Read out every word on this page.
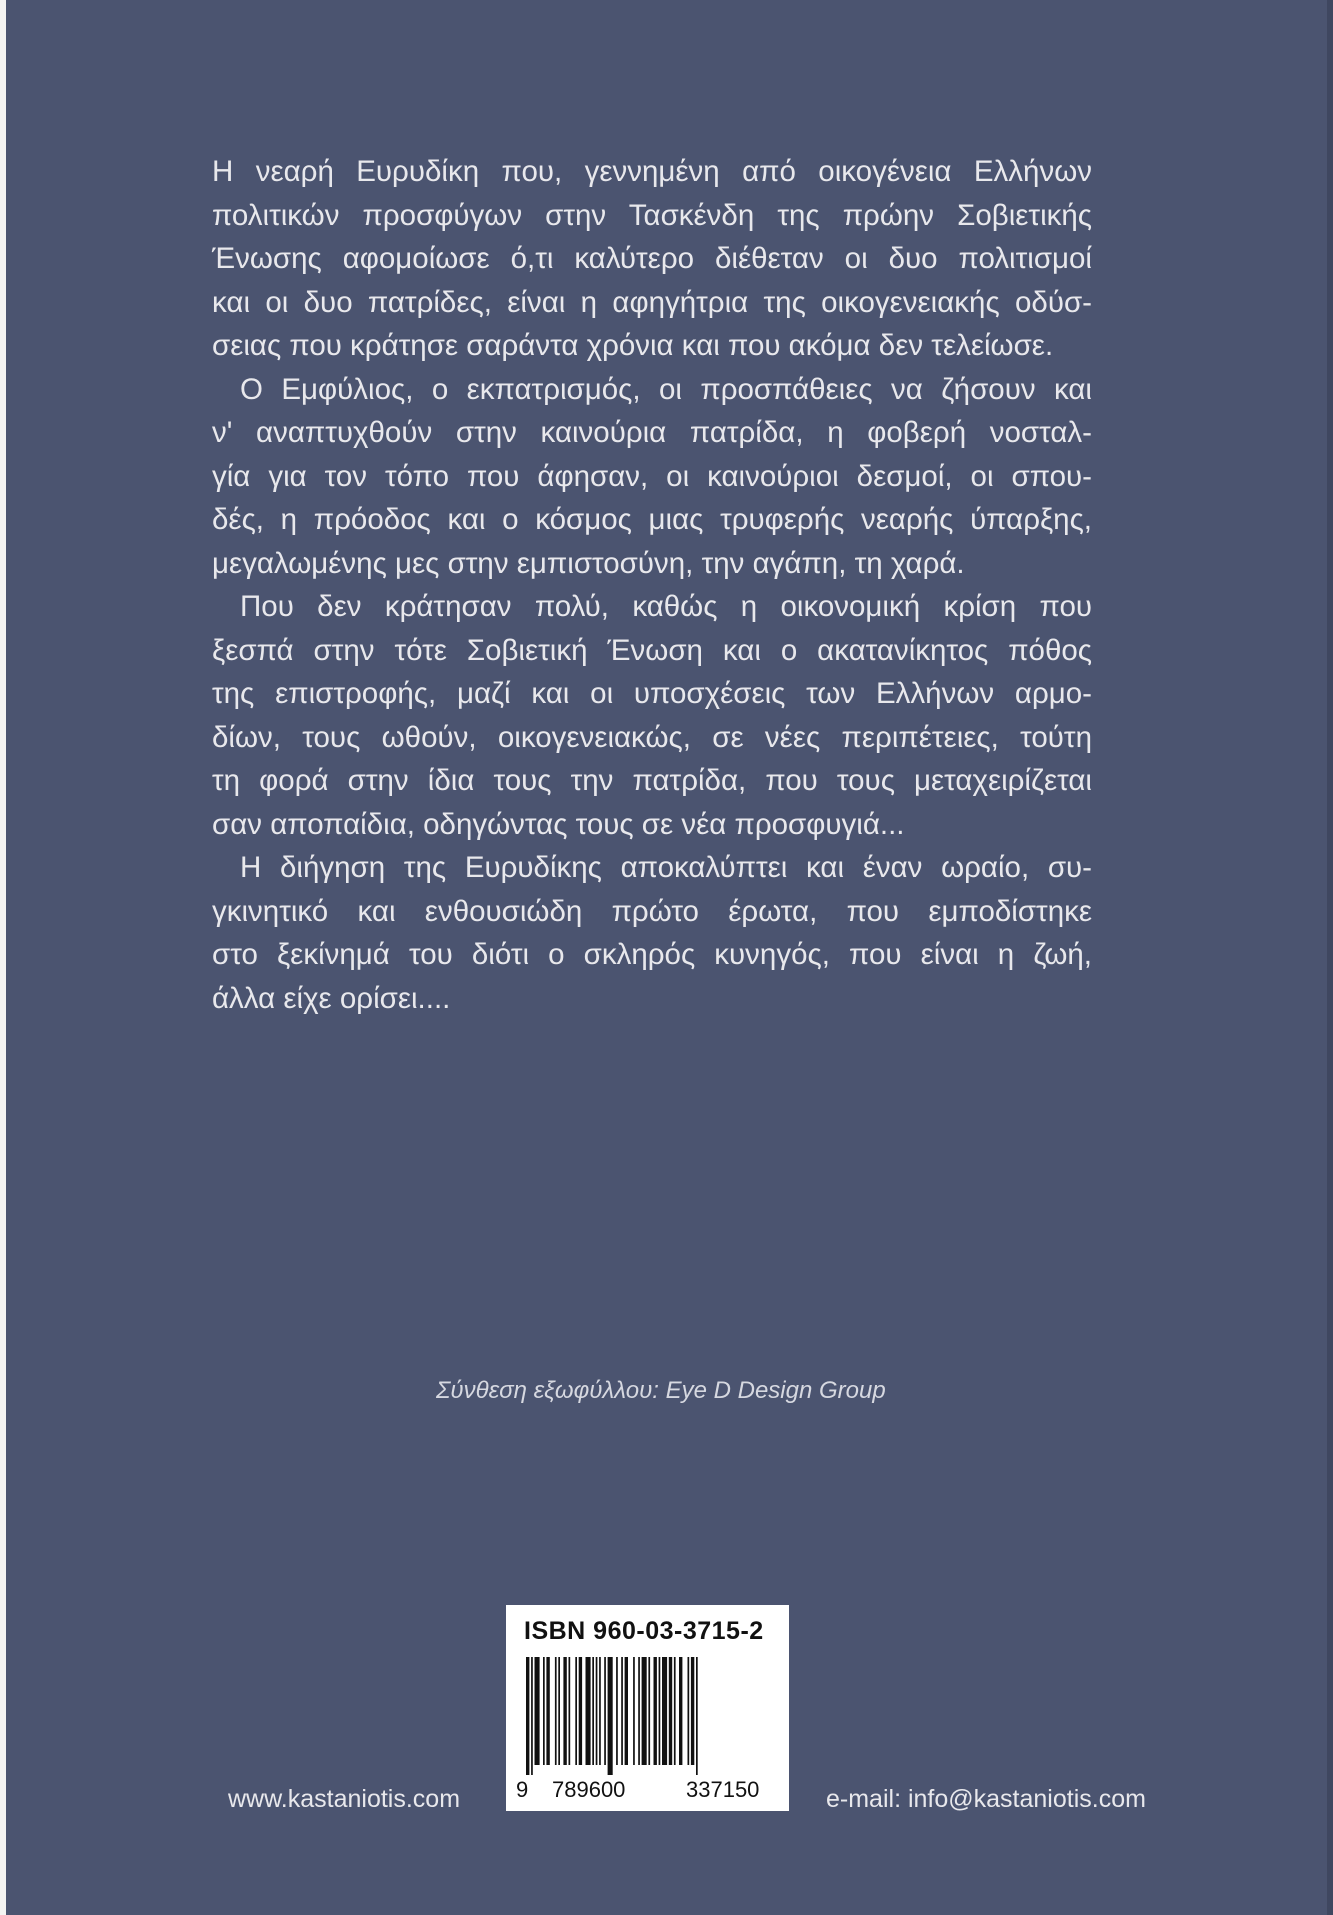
Η νεαρή Ευρυδίκη που, γεννημένη από οικογένεια Ελλήνων
πολιτικών προσφύγων στην Τασκένδη της πρώην Σοβιετικής
Ένωσης αφομοίωσε ό,τι καλύτερο διέθεταν οι δυο πολιτισμοί
και οι δυο πατρίδες, είναι η αφηγήτρια της οικογενειακής οδύσ-
σειας που κράτησε σαράντα χρόνια και που ακόμα δεν τελείωσε.
Ο Εμφύλιος, ο εκπατρισμός, οι προσπάθειες να ζήσουν και
ν' αναπτυχθούν στην καινούρια πατρίδα, η φοβερή νοσταλ-
γία για τον τόπο που άφησαν, οι καινούριοι δεσμοί, οι σπου-
δές, η πρόοδος και ο κόσμος μιας τρυφερής νεαρής ύπαρξης,
μεγαλωμένης μες στην εμπιστοσύνη, την αγάπη, τη χαρά.
Που δεν κράτησαν πολύ, καθώς η οικονομική κρίση που
ξεσπά στην τότε Σοβιετική Ένωση και ο ακατανίκητος πόθος
της επιστροφής, μαζί και οι υποσχέσεις των Ελλήνων αρμο-
δίων, τους ωθούν, οικογενειακώς, σε νέες περιπέτειες, τούτη
τη φορά στην ίδια τους την πατρίδα, που τους μεταχειρίζεται
σαν αποπαίδια, οδηγώντας τους σε νέα προσφυγιά...
Η διήγηση της Ευρυδίκης αποκαλύπτει και έναν ωραίο, συ-
γκινητικό και ενθουσιώδη πρώτο έρωτα, που εμποδίστηκε
στο ξεκίνημά του διότι ο σκληρός κυνηγός, που είναι η ζωή,
άλλα είχε ορίσει....
Σύνθεση εξωφύλλου: Eye D Design Group
ISBN 960-03-3715-2
9 789600	337150
www.kastaniotis.com	e-mail: info@kastaniotis.com
